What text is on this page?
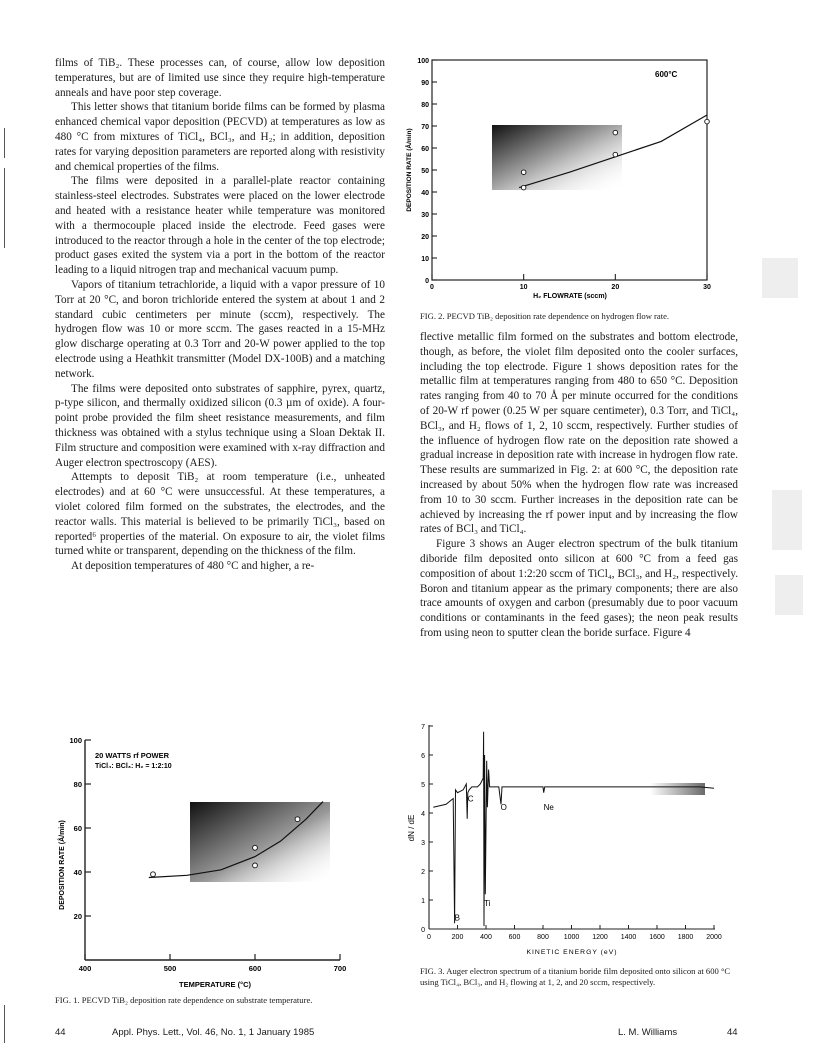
films of TiB₂. These processes can, of course, allow low deposition temperatures, but are of limited use since they require high-temperature anneals and have poor step coverage.

This letter shows that titanium boride films can be formed by plasma enhanced chemical vapor deposition (PECVD) at temperatures as low as 480 °C from mixtures of TiCl₄, BCl₃, and H₂; in addition, deposition rates for varying deposition parameters are reported along with resistivity and chemical properties of the films.

The films were deposited in a parallel-plate reactor containing stainless-steel electrodes. Substrates were placed on the lower electrode and heated with a resistance heater while temperature was monitored with a thermocouple placed inside the electrode. Feed gases were introduced to the reactor through a hole in the center of the top electrode; product gases exited the system via a port in the bottom of the reactor leading to a liquid nitrogen trap and mechanical vacuum pump.

Vapors of titanium tetrachloride, a liquid with a vapor pressure of 10 Torr at 20 °C, and boron trichloride entered the system at about 1 and 2 standard cubic centimeters per minute (sccm), respectively. The hydrogen flow was 10 or more sccm. The gases reacted in a 15-MHz glow discharge operating at 0.3 Torr and 20-W power applied to the top electrode using a Heathkit transmitter (Model DX-100B) and a matching network.

The films were deposited onto substrates of sapphire, pyrex, quartz, p-type silicon, and thermally oxidized silicon (0.3 µm of oxide). A four-point probe provided the film sheet resistance measurements, and film thickness was obtained with a stylus technique using a Sloan Dektak II. Film structure and composition were examined with x-ray diffraction and Auger electron spectroscopy (AES).

Attempts to deposit TiB₂ at room temperature (i.e., unheated electrodes) and at 60 °C were unsuccessful. At these temperatures, a violet colored film formed on the substrates, the electrodes, and the reactor walls. This material is believed to be primarily TiCl₃, based on reported⁶ properties of the material. On exposure to air, the violet films turned white or transparent, depending on the thickness of the film.

At deposition temperatures of 480 °C and higher, a re-

flective metallic film formed on the substrates and bottom electrode, though, as before, the violet film deposited onto the cooler surfaces, including the top electrode. Figure 1 shows deposition rates for the metallic film at temperatures ranging from 480 to 650 °C. Deposition rates ranging from 40 to 70 Å per minute occurred for the conditions of 20-W rf power (0.25 W per square centimeter), 0.3 Torr, and TiCl₄, BCl₃, and H₂ flows of 1, 2, 10 sccm, respectively. Further studies of the influence of hydrogen flow rate on the deposition rate showed a gradual increase in deposition rate with increase in hydrogen flow rate. These results are summarized in Fig. 2: at 600 °C, the deposition rate increased by about 50% when the hydrogen flow rate was increased from 10 to 30 sccm. Further increases in the deposition rate can be achieved by increasing the rf power input and by increasing the flow rates of BCl₃ and TiCl₄.

Figure 3 shows an Auger electron spectrum of the bulk titanium diboride film deposited onto silicon at 600 °C from a feed gas composition of about 1:2:20 sccm of TiCl₄, BCl₃, and H₂, respectively. Boron and titanium appear as the primary components; there are also trace amounts of oxygen and carbon (presumably due to poor vacuum conditions or contaminants in the feed gases); the neon peak results from using neon to sputter clean the boride surface. Figure 4

20
40
60
80
100
400	500	600	700
20 WATTS rf POWER
TiCl₄: BCl₃: H₂ = 1:2:10
TEMPERATURE (°C)
DEPOSITION RATE (Å/min)
FIG. 1. PECVD TiB₂ deposition rate dependence on substrate temperature.
0
10
20
30
40
50
60
70
80
90
100
0	10	20	30
600°C
H₂ FLOWRATE (sccm)
DEPOSITION RATE (Å/min)
FIG. 2. PECVD TiB₂ deposition rate dependence on hydrogen flow rate.
0
1
2
3
4
5
6
7
0	200 400 600 800 1000 1200 1400 1600 1800 2000
B
C
Ti
O	Ne
KINETIC ENERGY (eV)
dN / dE
FIG. 3. Auger electron spectrum of a titanium boride film deposited onto silicon at 600 °C using TiCl₄, BCl₃, and H₂ flowing at 1, 2, and 20 sccm, respectively.
44	Appl. Phys. Lett., Vol. 46, No. 1, 1 January 1985	L. M. Williams	44
